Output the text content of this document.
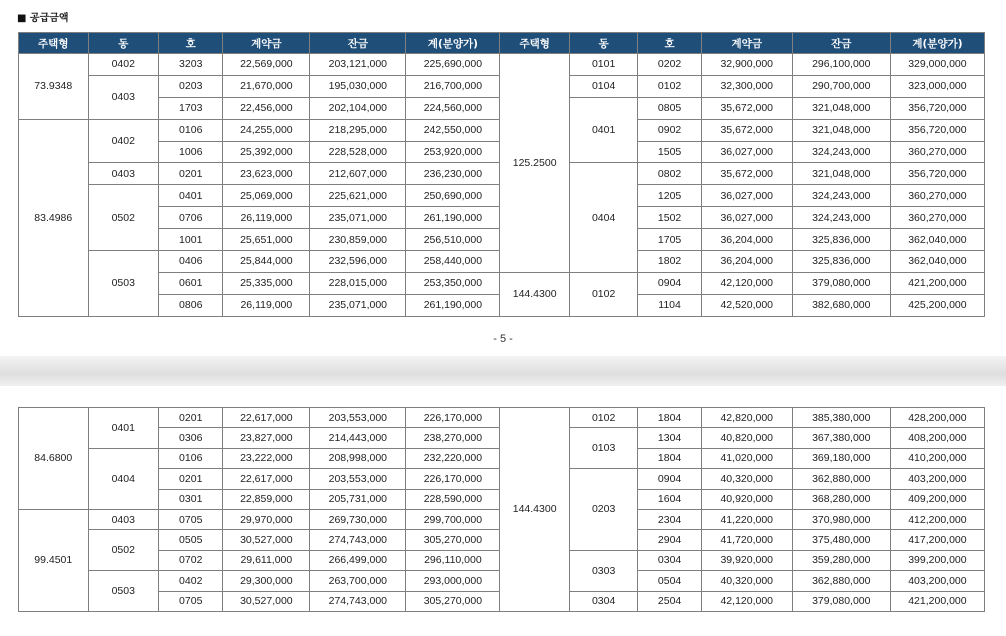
■ 공급금액
주택형	동	호	계약금	잔금	계(분양가)	주택형	동	호	계약금	잔금	계(분양가)
73.9348	0402	3203	22,569,000	203,121,000	225,690,000	125.2500	0101	0202	32,900,000	296,100,000	329,000,000
	0403	0203	21,670,000	195,030,000	216,700,000		0104	0102	32,300,000	290,700,000	323,000,000
		1703	22,456,000	202,104,000	224,560,000		0401	0805	35,672,000	321,048,000	356,720,000
83.4986	0402	0106	24,255,000	218,295,000	242,550,000			0902	35,672,000	321,048,000	356,720,000
		1006	25,392,000	228,528,000	253,920,000			1505	36,027,000	324,243,000	360,270,000
	0403	0201	23,623,000	212,607,000	236,230,000		0404	0802	35,672,000	321,048,000	356,720,000
	0502	0401	25,069,000	225,621,000	250,690,000			1205	36,027,000	324,243,000	360,270,000
		0706	26,119,000	235,071,000	261,190,000			1502	36,027,000	324,243,000	360,270,000
		1001	25,651,000	230,859,000	256,510,000			1705	36,204,000	325,836,000	362,040,000
	0503	0406	25,844,000	232,596,000	258,440,000			1802	36,204,000	325,836,000	362,040,000
		0601	25,335,000	228,015,000	253,350,000	144.4300	0102	0904	42,120,000	379,080,000	421,200,000
		0806	26,119,000	235,071,000	261,190,000			1104	42,520,000	382,680,000	425,200,000
- 5 -
84.6800	0401	0201	22,617,000	203,553,000	226,170,000	144.4300	0102	1804	42,820,000	385,380,000	428,200,000
		0306	23,827,000	214,443,000	238,270,000		0103	1304	40,820,000	367,380,000	408,200,000
	0404	0106	23,222,000	208,998,000	232,220,000			1804	41,020,000	369,180,000	410,200,000
		0201	22,617,000	203,553,000	226,170,000		0203	0904	40,320,000	362,880,000	403,200,000
		0301	22,859,000	205,731,000	228,590,000			1604	40,920,000	368,280,000	409,200,000
99.4501	0403	0705	29,970,000	269,730,000	299,700,000			2304	41,220,000	370,980,000	412,200,000
	0502	0505	30,527,000	274,743,000	305,270,000			2904	41,720,000	375,480,000	417,200,000
		0702	29,611,000	266,499,000	296,110,000		0303	0304	39,920,000	359,280,000	399,200,000
	0503	0402	29,300,000	263,700,000	293,000,000			0504	40,320,000	362,880,000	403,200,000
		0705	30,527,000	274,743,000	305,270,000		0304	2504	42,120,000	379,080,000	421,200,000
